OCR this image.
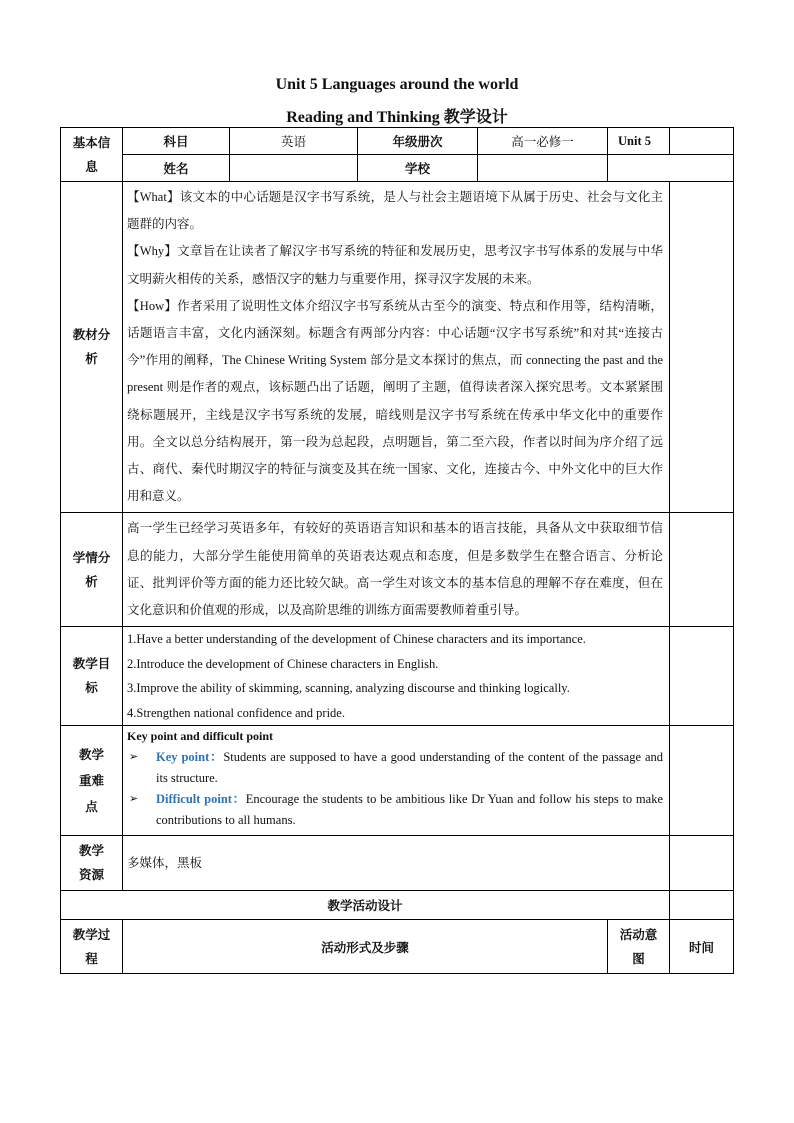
Unit 5 Languages around the world
Reading and Thinking 教学设计
基本信息	科目	英语	年级册次	高一必修一	Unit 5	
	姓名		学校			
教材分析	【What】该文本的中心话题是汉字书写系统，是人与社会主题语境下从属于历史、社会与文化主题群的内容。
【Why】文章旨在让读者了解汉字书写系统的特征和发展历史，思考汉字书写体系的发展与中华文明薪火相传的关系，感悟汉字的魅力与重要作用，探寻汉字发展的未来。
【How】作者采用了说明性文体介绍汉字书写系统从古至今的演变、特点和作用等，结构清晰，话题语言丰富，文化内涵深刻。标题含有两部分内容：中心话题“汉字书写系统”和对其“连接古今”作用的阐释，The Chinese Writing System 部分是文本探讨的焦点，而 connecting the past and the present 则是作者的观点，该标题凸出了话题，阐明了主题，值得读者深入探究思考。文本紧紧围绕标题展开，主线是汉字书写系统的发展，暗线则是汉字书写系统在传承中华文化中的重要作用。全文以总分结构展开，第一段为总起段，点明题旨，第二至六段，作者以时间为序介绍了远古、商代、秦代时期汉字的特征与演变及其在统一国家、文化，连接古今、中外文化中的巨大作用和意义。					

学情分析	高一学生已经学习英语多年，有较好的英语语言知识和基本的语言技能，具备从文中获取细节信息的能力，大部分学生能使用简单的英语表达观点和态度，但是多数学生在整合语言、分析论证、批判评价等方面的能力还比较欠缺。高一学生对该文本的基本信息的理解不存在难度，但在文化意识和价值观的形成，以及高阶思维的训练方面需要教师着重引导。					
教学目标	1.Have a better understanding of the development of Chinese characters and its importance.
2.Introduce the development of Chinese characters in English.
3.Improve the ability of skimming, scanning, analyzing discourse and thinking logically.
4.Strengthen national confidence and pride.					

教学重难点	Key point and difficult point
➢ Key point：Students are supposed to have a good understanding of the content of the passage and its structure.
➢ Difficult point：Encourage the students to be ambitious like Dr Yuan and follow his steps to make contributions to all humans.					

教学资源	多媒体，黑板					
教学活动设计						
教学过程	活动形式及步骤				活动意图	时间
